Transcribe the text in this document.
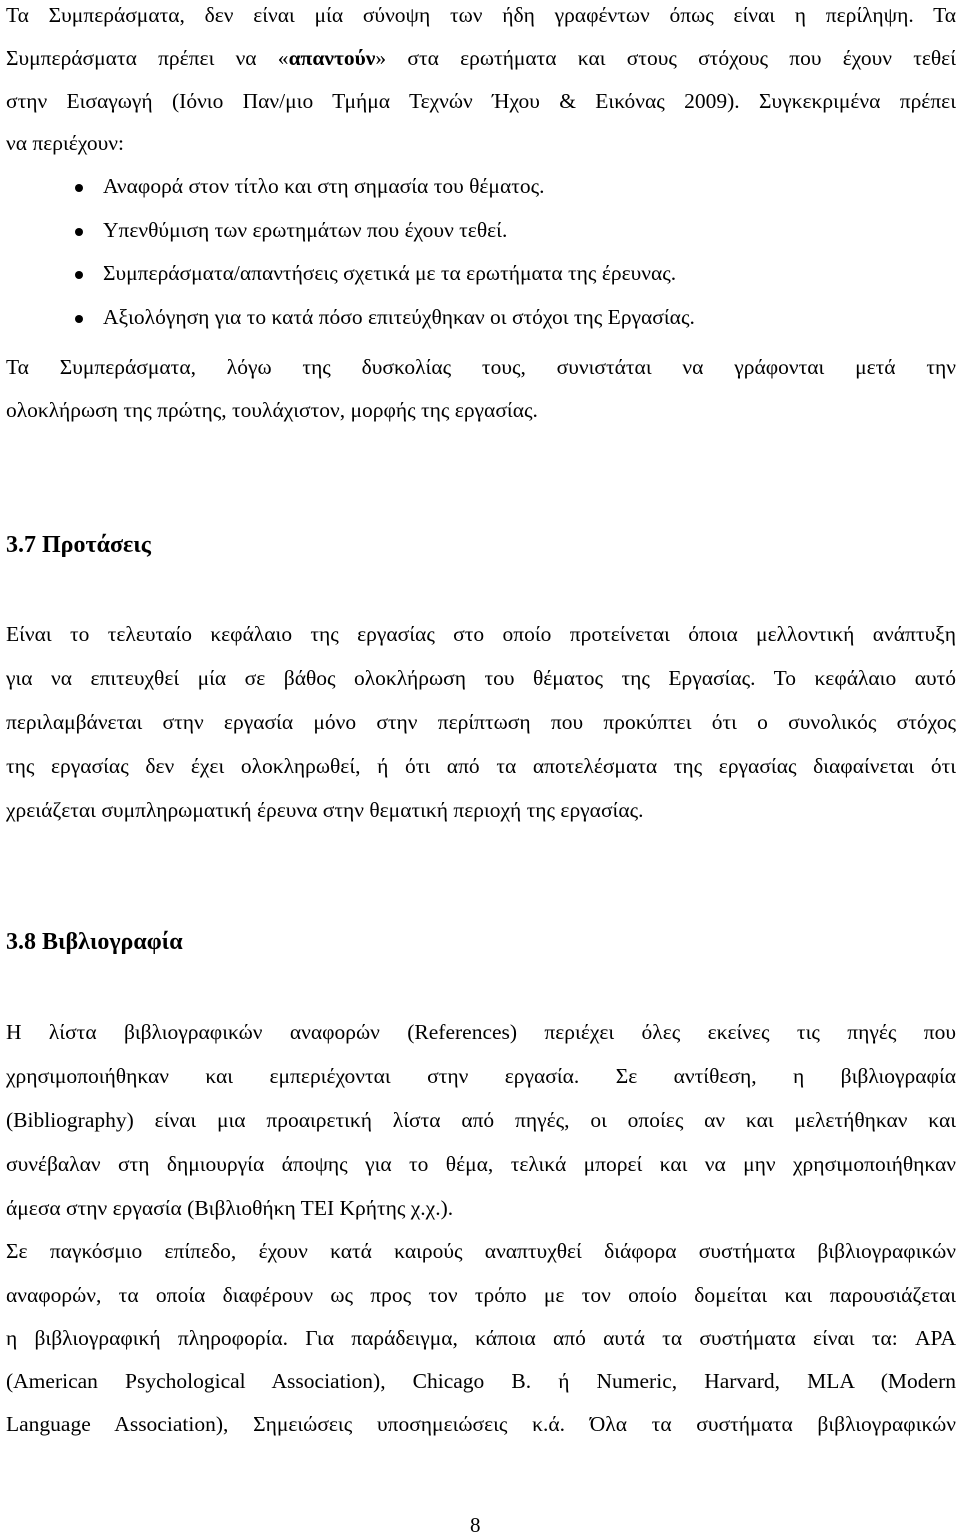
Τα Συμπεράσματα, δεν είναι μία σύνοψη των ήδη γραφέντων όπως είναι η περίληψη. Τα
Συμπεράσματα πρέπει να «απαντούν» στα ερωτήματα και στους στόχους που έχουν τεθεί
στην Εισαγωγή (Ιόνιο Παν/μιο Τμήμα Τεχνών Ήχου & Εικόνας 2009). Συγκεκριμένα πρέπει
να περιέχουν:
Αναφορά στον τίτλο και στη σημασία του θέματος.
Υπενθύμιση των ερωτημάτων που έχουν τεθεί.
Συμπεράσματα/απαντήσεις σχετικά με τα ερωτήματα της έρευνας.
Αξιολόγηση για το κατά πόσο επιτεύχθηκαν οι στόχοι της Εργασίας.
Τα Συμπεράσματα, λόγω της δυσκολίας τους, συνιστάται να γράφονται μετά την
ολοκλήρωση της πρώτης, τουλάχιστον, μορφής της εργασίας.
3.7 Προτάσεις
Είναι το τελευταίο κεφάλαιο της εργασίας στο οποίο προτείνεται όποια μελλοντική ανάπτυξη
για να επιτευχθεί μία σε βάθος ολοκλήρωση του θέματος της Εργασίας. Το κεφάλαιο αυτό
περιλαμβάνεται στην εργασία μόνο στην περίπτωση που προκύπτει ότι ο συνολικός στόχος
της εργασίας δεν έχει ολοκληρωθεί, ή ότι από τα αποτελέσματα της εργασίας διαφαίνεται ότι
χρειάζεται συμπληρωματική έρευνα στην θεματική περιοχή της εργασίας.
3.8 Βιβλιογραφία
Η λίστα βιβλιογραφικών αναφορών (References) περιέχει όλες εκείνες τις πηγές που
χρησιμοποιήθηκαν και εμπεριέχονται στην εργασία. Σε αντίθεση, η βιβλιογραφία
(Bibliography) είναι μια προαιρετική λίστα από πηγές, οι οποίες αν και μελετήθηκαν και
συνέβαλαν στη δημιουργία άποψης για το θέμα, τελικά μπορεί και να μην χρησιμοποιήθηκαν
άμεσα στην εργασία (Βιβλιοθήκη ΤΕΙ Κρήτης χ.χ.).
Σε παγκόσμιο επίπεδο, έχουν κατά καιρούς αναπτυχθεί διάφορα συστήματα βιβλιογραφικών
αναφορών, τα οποία διαφέρουν ως προς τον τρόπο με τον οποίο δομείται και παρουσιάζεται
η βιβλιογραφική πληροφορία. Για παράδειγμα, κάποια από αυτά τα συστήματα είναι τα: APA
(American Psychological Association), Chicago B. ή Numeric, Harvard, MLA (Modern
Language Association), Σημειώσεις υποσημειώσεις κ.ά. Όλα τα συστήματα βιβλιογραφικών
8
